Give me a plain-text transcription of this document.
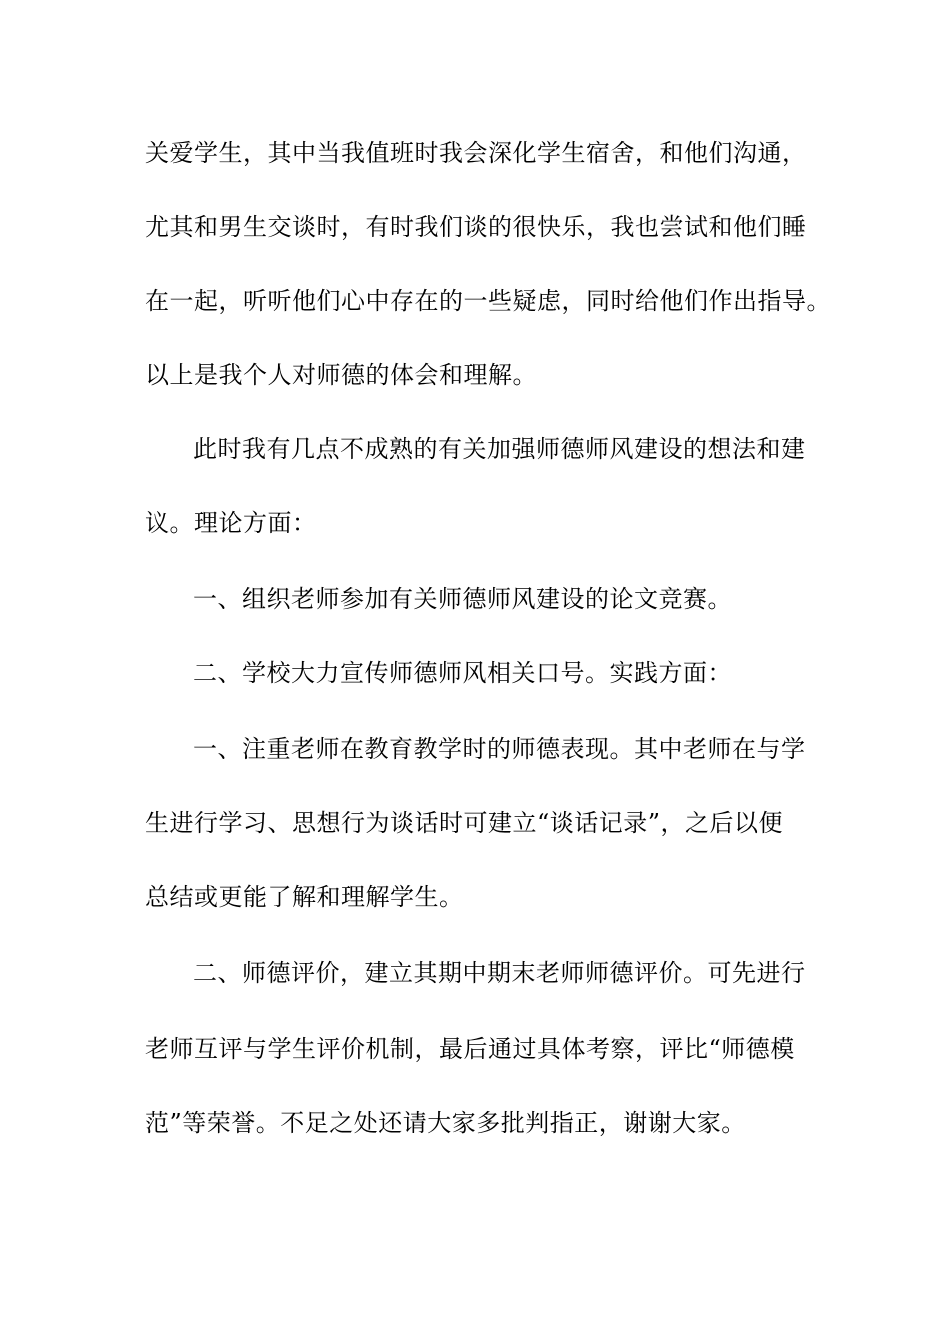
关爱学生，其中当我值班时我会深化学生宿舍，和他们沟通，
尤其和男生交谈时，有时我们谈的很快乐，我也尝试和他们睡
在一起，听听他们心中存在的一些疑虑，同时给他们作出指导。
以上是我个人对师德的体会和理解。
此时我有几点不成熟的有关加强师德师风建设的想法和建
议。理论方面：
一、组织老师参加有关师德师风建设的论文竞赛。
二、学校大力宣传师德师风相关口号。实践方面：
一、注重老师在教育教学时的师德表现。其中老师在与学
生进行学习、思想行为谈话时可建立“谈话记录”，之后以便
总结或更能了解和理解学生。
二、师德评价，建立其期中期末老师师德评价。可先进行
老师互评与学生评价机制，最后通过具体考察，评比“师德模
范”等荣誉。不足之处还请大家多批判指正，谢谢大家。
